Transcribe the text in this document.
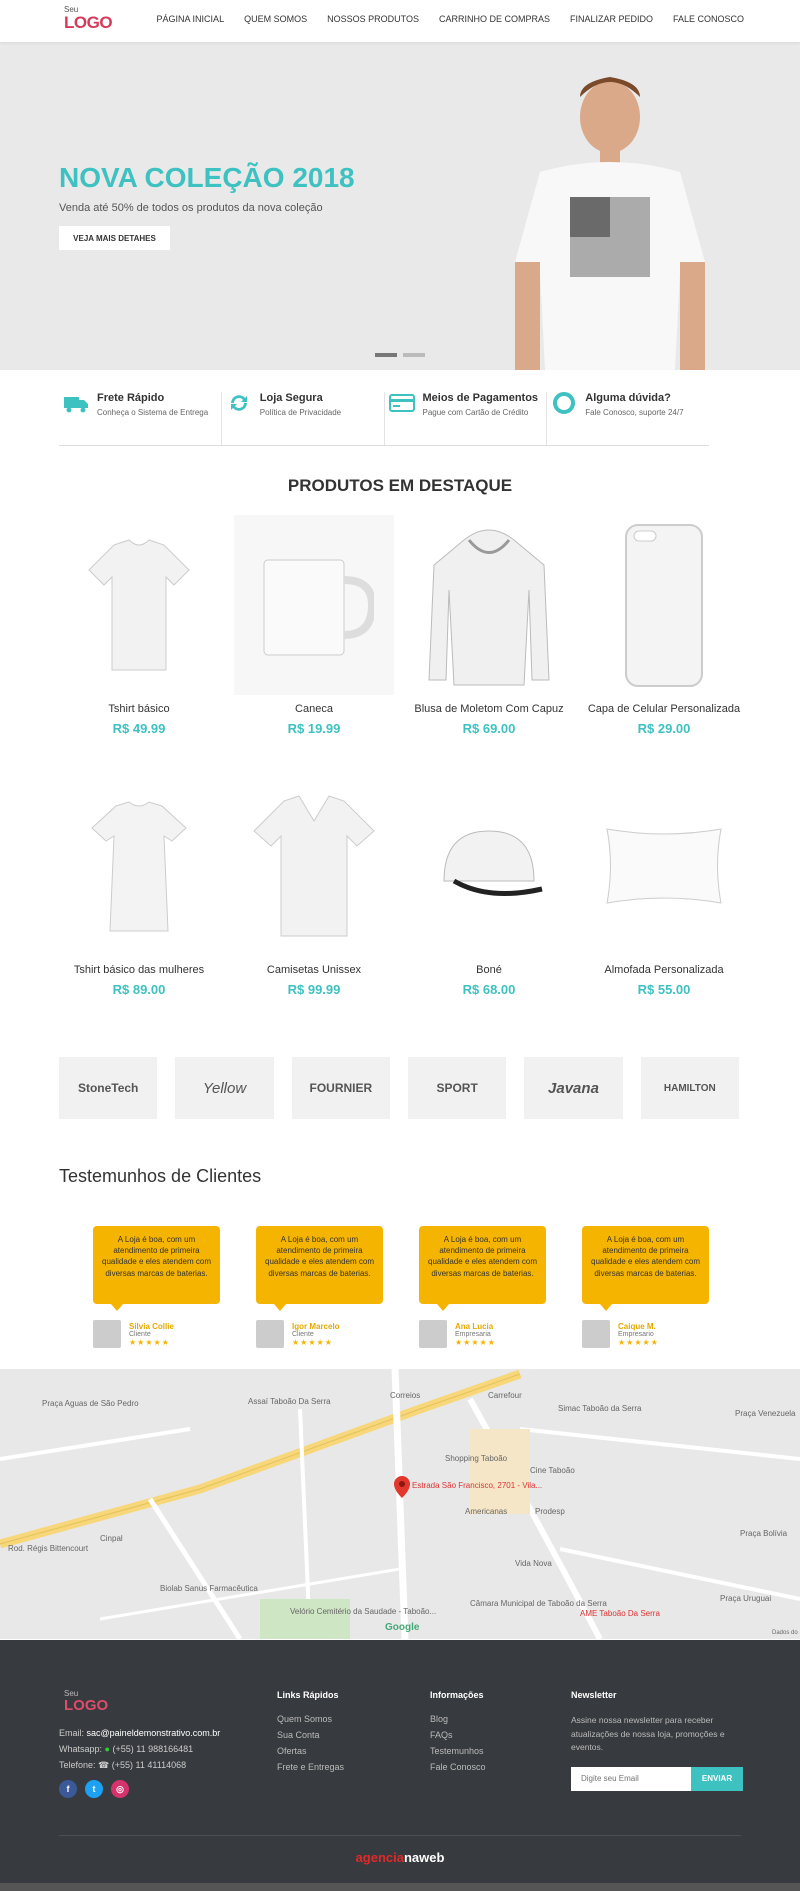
Seu
LOGO	PÁGINA INICIAL QUEM SOMOS NOSSOS PRODUTOS CARRINHO DE COMPRAS FINALIZAR PEDIDO FALE CONOSCO
NOVA COLEÇÃO 2018

Venda até 50% de todos os produtos da nova coleção

VEJA MAIS DETAHES
Frete Rápido
Conheça o Sistema de Entrega
Loja Segura
Política de Privacidade
Meios de Pagamentos
Pague com Cartão de Crédito
Alguma dúvida?
Fale Conosco, suporte 24/7
PRODUTOS EM DESTAQUE
Tshirt básico
R$ 49.99
Caneca
R$ 19.99
Blusa de Moletom Com Capuz
R$ 69.00
Capa de Celular Personalizada
R$ 29.00
Tshirt básico das mulheres
R$ 89.00
Camisetas Unissex
R$ 99.99
Boné
R$ 68.00
Almofada Personalizada
R$ 55.00
StoneTech	Yellow	FOURNIER	SPORT	Javana	HAMILTON
Testemunhos de Clientes
A Loja é boa, com um atendimento de primeira qualidade e eles atendem com diversas marcas de baterias.
Silvia Collie
Cliente
★★★★★
A Loja é boa, com um atendimento de primeira qualidade e eles atendem com diversas marcas de baterias.
Igor Marcelo
Cliente
★★★★★
A Loja é boa, com um atendimento de primeira qualidade e eles atendem com diversas marcas de baterias.
Ana Lucia
Empresaria
★★★★★
A Loja é boa, com um atendimento de primeira qualidade e eles atendem com diversas marcas de baterias.
Caique M.
Empresario
★★★★★
Estrada São Francisco, 2701 - Vila...
Praça Aguas de São Pedro	Assaí Taboão Da Serra
Correios	Carrefour
Simac Taboão da Serra
Shopping Taboão
Cine Taboão
Americanas	Prodesp
Vida Nova
Biolab Sanus Farmacêutica
Velório Cemitério da Saudade - Taboão...
Câmara Municipal de Taboão da Serra
AME Taboão Da Serra
Praça Venezuela
Praça Bolívia
Praça Uruguai
Rod. Régis Bittencourt
Cinpal
Google	Dados do
Seu
LOGO
Email: sac@paineldemonstrativo.com.br
Whatsapp: ● (+55) 11 988166481
Telefone: ☎ (+55) 11 41114068
f	t	◎
Links Rápidos
Quem Somos
Sua Conta
Ofertas
Frete e Entregas
Informações
Blog
FAQs
Testemunhos
Fale Conosco
Newsletter

Assine nossa newsletter para receber atualizações de nossa loja, promoções e eventos.

Digite seu Email
ENVIAR
agencianaweb
